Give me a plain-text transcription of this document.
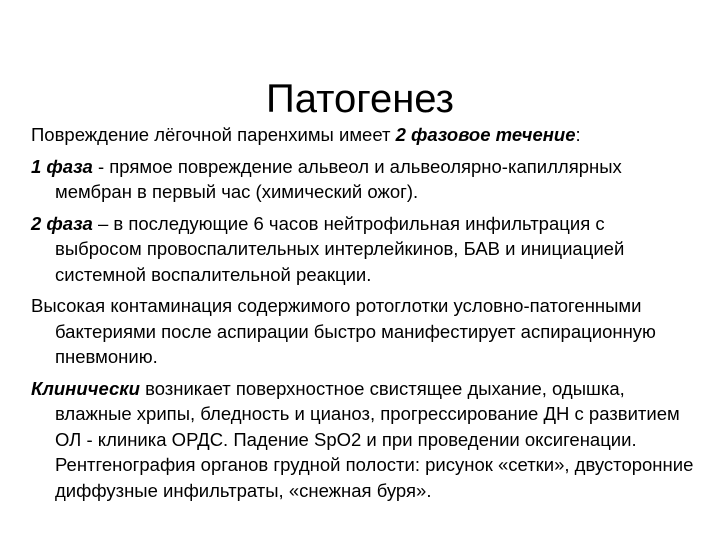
Патогенез

Повреждение лёгочной паренхимы имеет 2 фазовое течение:

1 фаза - прямое повреждение альвеол и альвеолярно-капиллярных мембран в первый час (химический ожог).

2 фаза – в последующие 6 часов нейтрофильная инфильтрация с выбросом провоспалительных интерлейкинов, БАВ и инициацией системной воспалительной реакции.

Высокая контаминация содержимого ротоглотки условно-патогенными бактериями после аспирации быстро манифестирует аспирационную пневмонию.

Клинически возникает поверхностное свистящее дыхание, одышка, влажные хрипы, бледность и цианоз, прогрессирование ДН с развитием ОЛ - клиника ОРДС. Падение SpO2 и при проведении оксигенации. Рентгенография органов грудной полости: рисунок «сетки», двусторонние диффузные инфильтраты, «снежная буря».
